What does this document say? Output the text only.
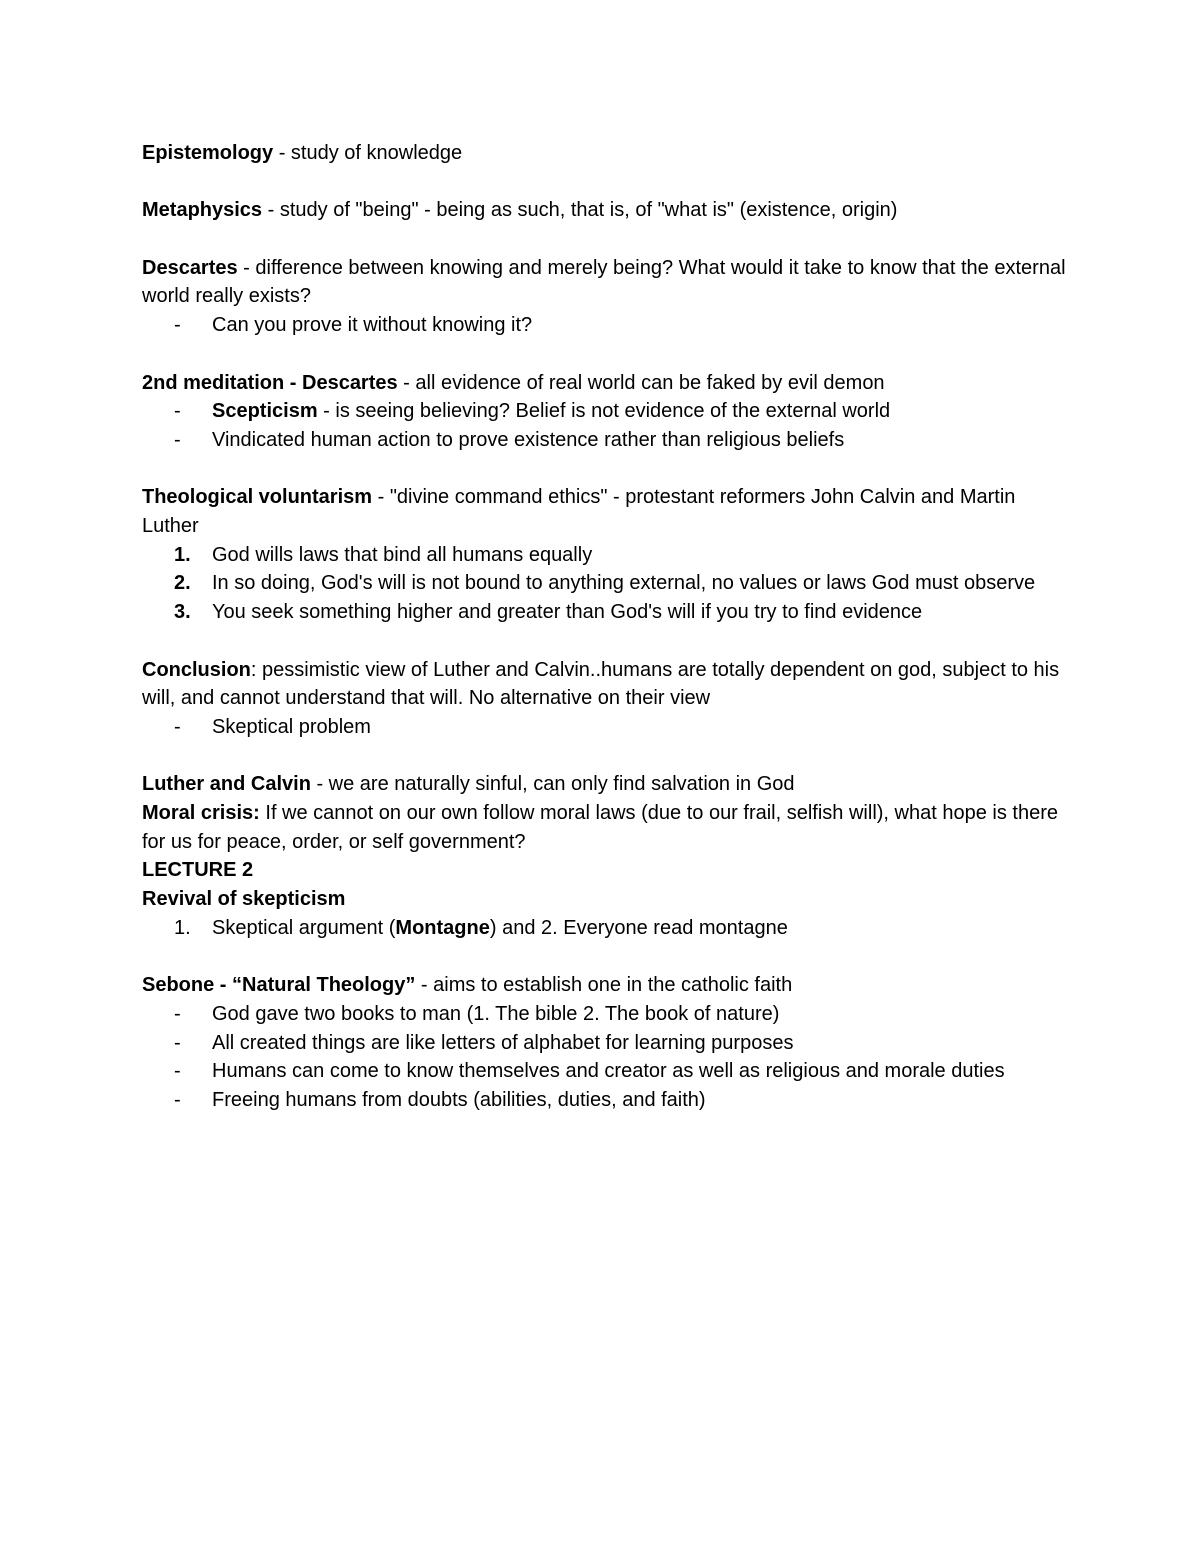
Epistemology - study of knowledge

Metaphysics - study of "being" - being as such, that is, of "what is" (existence, origin)

Descartes - difference between knowing and merely being? What would it take to know that the external world really exists?

-	Can you prove it without knowing it?

2nd meditation - Descartes - all evidence of real world can be faked by evil demon

-	Scepticism - is seeing believing? Belief is not evidence of the external world
-	Vindicated human action to prove existence rather than religious beliefs

Theological voluntarism - "divine command ethics" - protestant reformers John Calvin and Martin Luther

1.	God wills laws that bind all humans equally
2.	In so doing, God's will is not bound to anything external, no values or laws God must observe
3.	You seek something higher and greater than God's will if you try to find evidence

Conclusion: pessimistic view of Luther and Calvin..humans are totally dependent on god, subject to his will, and cannot understand that will. No alternative on their view

-	Skeptical problem

Luther and Calvin - we are naturally sinful, can only find salvation in God

Moral crisis: If we cannot on our own follow moral laws (due to our frail, selfish will), what hope is there for us for peace, order, or self government?

LECTURE 2

Revival of skepticism

1.	Skeptical argument (Montagne) and 2. Everyone read montagne

Sebone - “Natural Theology” - aims to establish one in the catholic faith

-	God gave two books to man (1. The bible 2. The book of nature)
-	All created things are like letters of alphabet for learning purposes
-	Humans can come to know themselves and creator as well as religious and morale duties
-	Freeing humans from doubts (abilities, duties, and faith)
